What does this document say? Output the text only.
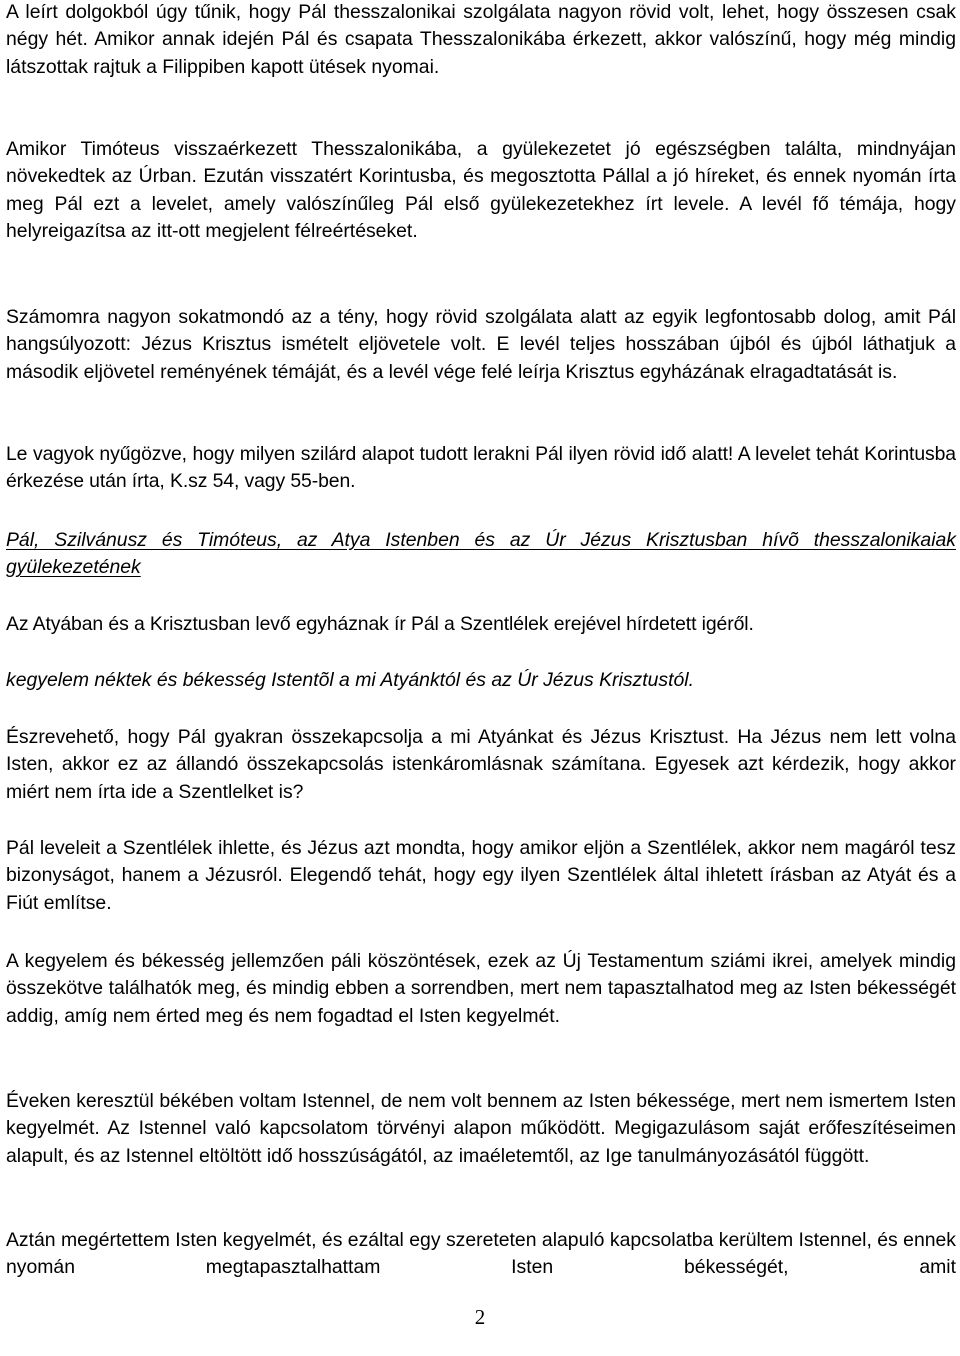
A leírt dolgokból úgy tűnik, hogy Pál thesszalonikai szolgálata nagyon rövid volt, lehet, hogy összesen csak négy hét. Amikor annak idején Pál és csapata Thesszalonikába érkezett, akkor valószínű, hogy még mindig látszottak rajtuk a Filippiben kapott ütések nyomai.

Amikor Timóteus visszaérkezett Thesszalonikába, a gyülekezetet jó egészségben találta, mindnyájan növekedtek az Úrban. Ezután visszatért Korintusba, és megosztotta Pállal a jó híreket, és ennek nyomán írta meg Pál ezt a levelet, amely valószínűleg Pál első gyülekezetekhez írt levele. A levél fő témája, hogy helyreigazítsa az itt-ott megjelent félreértéseket.

Számomra nagyon sokatmondó az a tény, hogy rövid szolgálata alatt az egyik legfontosabb dolog, amit Pál hangsúlyozott: Jézus Krisztus ismételt eljövetele volt. E levél teljes hosszában újból és újból láthatjuk a második eljövetel reményének témáját, és a levél vége felé leírja Krisztus egyházának elragadtatását is.

Le vagyok nyűgözve, hogy milyen szilárd alapot tudott lerakni Pál ilyen rövid idő alatt! A levelet tehát Korintusba érkezése után írta, K.sz 54, vagy 55-ben.

Pál, Szilvánusz és Timóteus, az Atya Istenben és az Úr Jézus Krisztusban hívõ thesszalonikaiak gyülekezetének

Az Atyában és a Krisztusban levő egyháznak ír Pál a Szentlélek erejével hírdetett igéről.

kegyelem néktek és békesség Istentõl a mi Atyánktól és az Úr Jézus Krisztustól.

Észrevehető, hogy Pál gyakran összekapcsolja a mi Atyánkat és Jézus Krisztust. Ha Jézus nem lett volna Isten, akkor ez az állandó összekapcsolás istenkáromlásnak számítana. Egyesek azt kérdezik, hogy akkor miért nem írta ide a Szentlelket is?

Pál leveleit a Szentlélek ihlette, és Jézus azt mondta, hogy amikor eljön a Szentlélek, akkor nem magáról tesz bizonyságot, hanem a Jézusról. Elegendő tehát, hogy egy ilyen Szentlélek által ihletett írásban az Atyát és a Fiút említse.

A kegyelem és békesség jellemzően páli köszöntések, ezek az Új Testamentum sziámi ikrei, amelyek mindig összekötve találhatók meg, és mindig ebben a sorrendben, mert nem tapasztalhatod meg az Isten békességét addig, amíg nem érted meg és nem fogadtad el Isten kegyelmét.

Éveken keresztül békében voltam Istennel, de nem volt bennem az Isten békessége, mert nem ismertem Isten kegyelmét. Az Istennel való kapcsolatom törvényi alapon működött. Megigazulásom saját erőfeszítéseimen alapult, és az Istennel eltöltött idő hosszúságától, az imaéletemtől, az Ige tanulmányozásától függött.

Aztán megértettem Isten kegyelmét, és ezáltal egy szereteten alapuló kapcsolatba kerültem Istennel, és ennek nyomán megtapasztalhattam Isten békességét, amit

2
